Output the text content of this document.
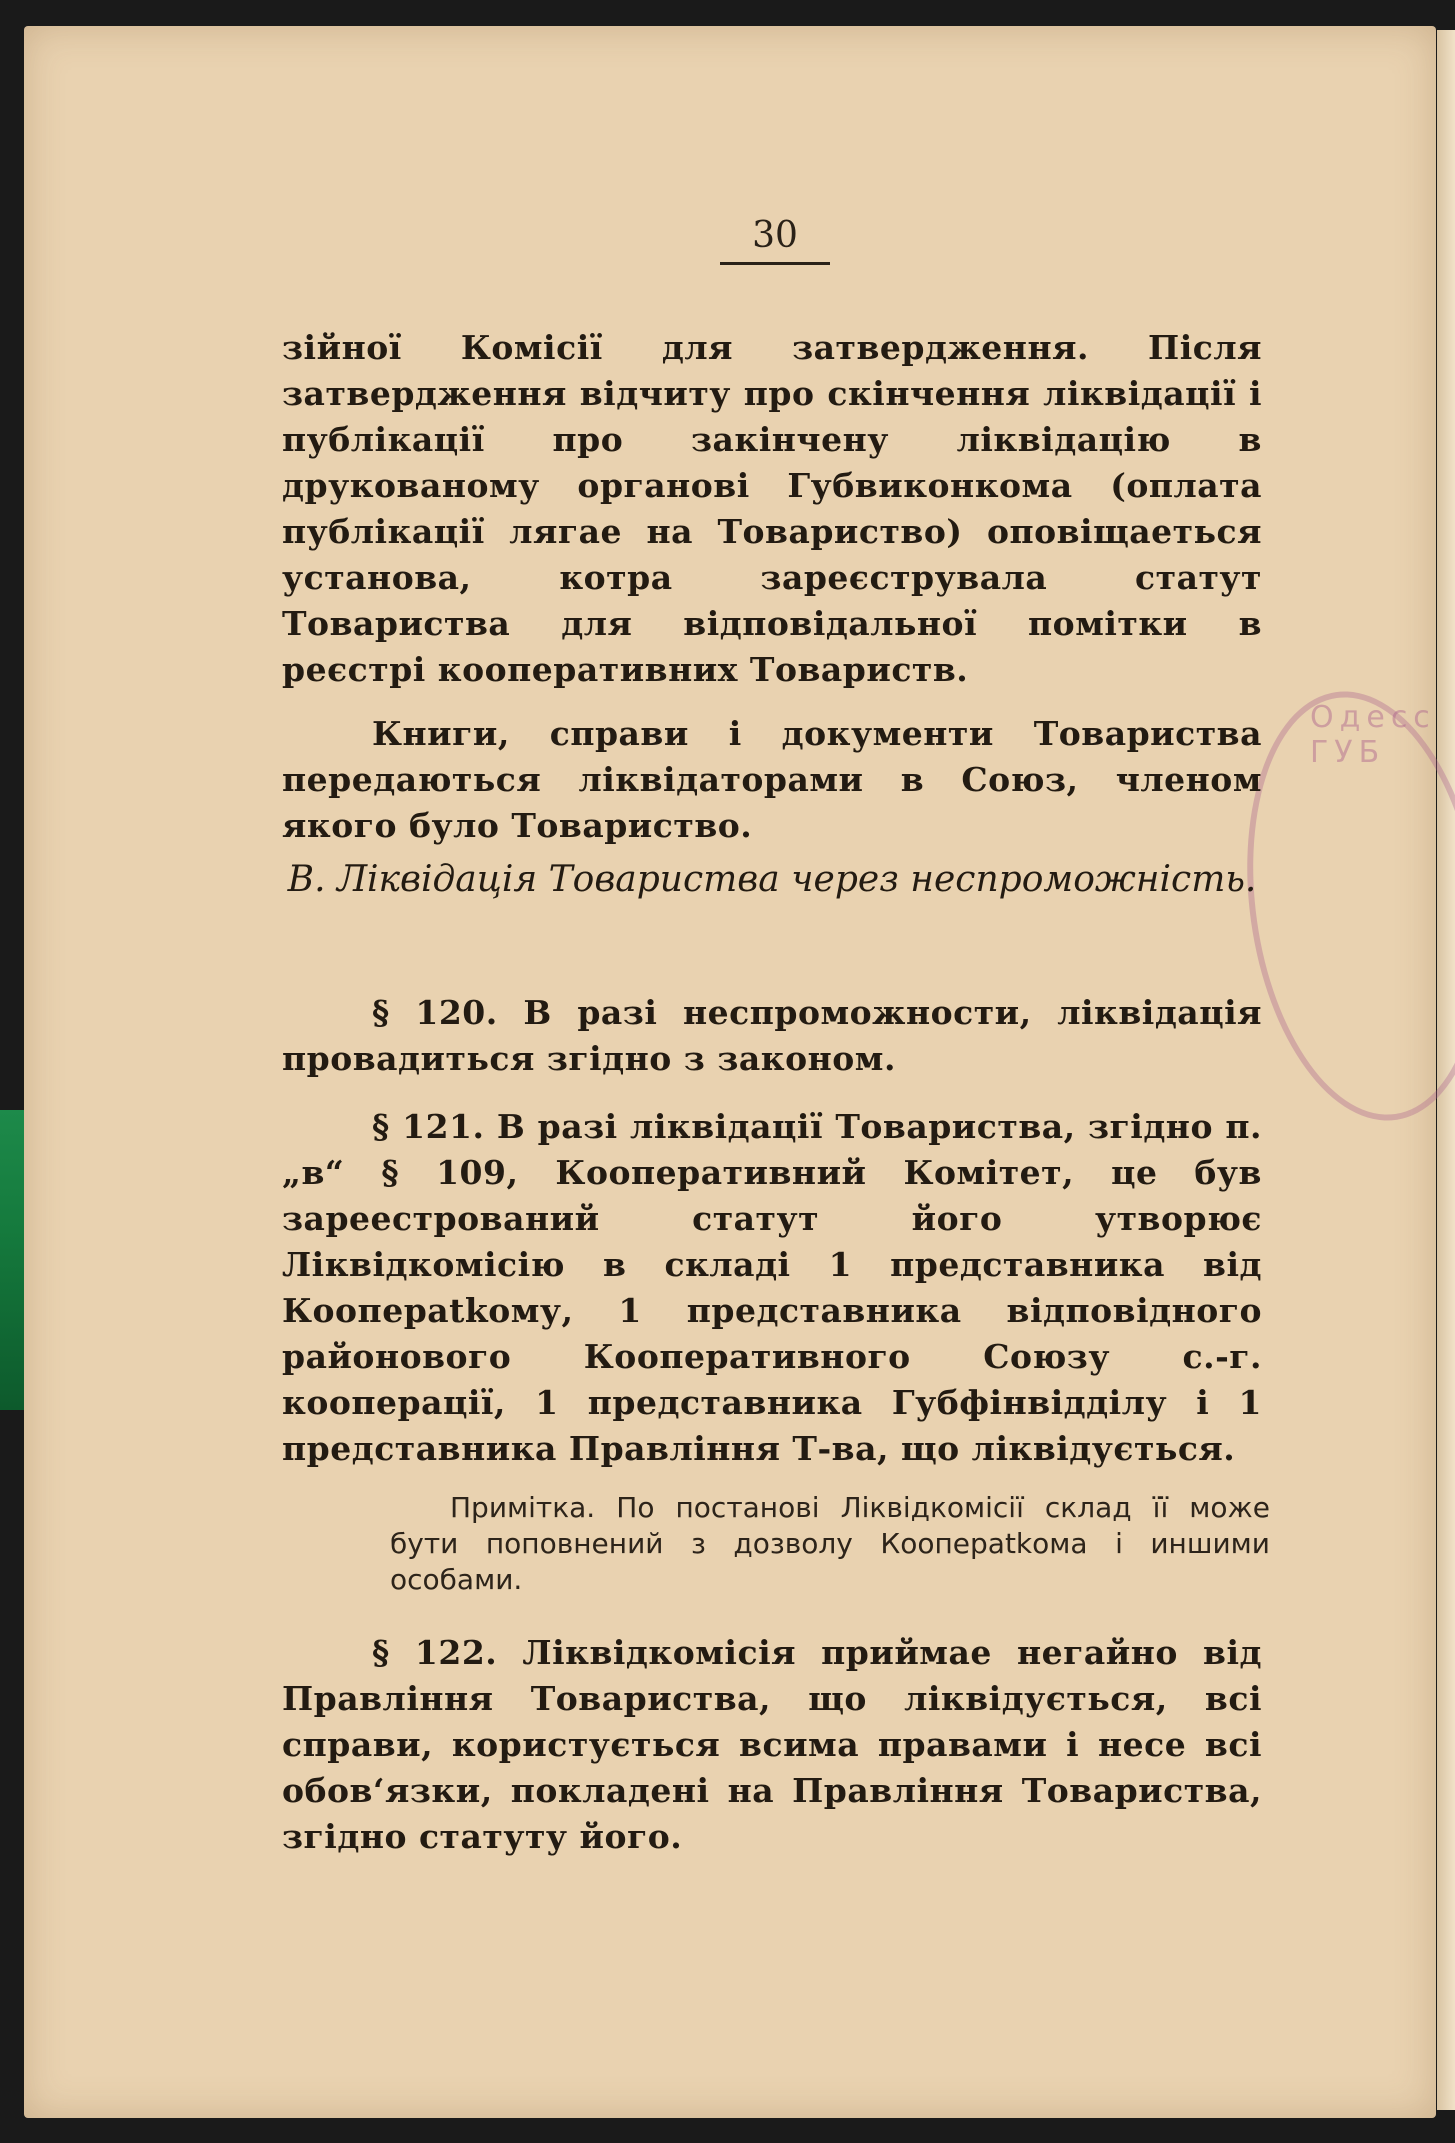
Одесс ГУБ
30

зійної Комісії для затвердження. Після затвердження відчиту про скінчення ліквідації і публікації про закінчену ліквідацію в друкованому органові Губвиконкома (оплата публікації лягае на Товариство) оповіщаеться установа, котра зареєструвала статут Товариства для відповідальної помітки в реєстрі кооперативних Товариств.

Книги, справи і документи Товариства передаються ліквідаторами в Союз, членом якого було Товариство.

В. Ліквідація Товариства через неспроможність.

§ 120. В разі неспроможности, ліквідація провадиться згідно з законом.

§ 121. В разі ліквідації Товариства, згідно п. „в“ § 109, Кооперативний Комітет, це був зареестрований статут його утворює Ліквідкомісію в складі 1 представника від Коопераtkому, 1 представника відповідного районового Кооперативного Союзу с.-г. кооперації, 1 представника Губфінвідділу і 1 представника Правління Т-ва, що ліквідується.

Примітка. По постанові Ліквідкомісії склад її може бути поповнений з дозволу Коопераtkома і иншими особами.

§ 122. Ліквідкомісія приймае негайно від Правління Товариства, що ліквідується, всі справи, користується всима правами і несе всі обов‘язки, покладені на Правління Товариства, згідно статуту його.
